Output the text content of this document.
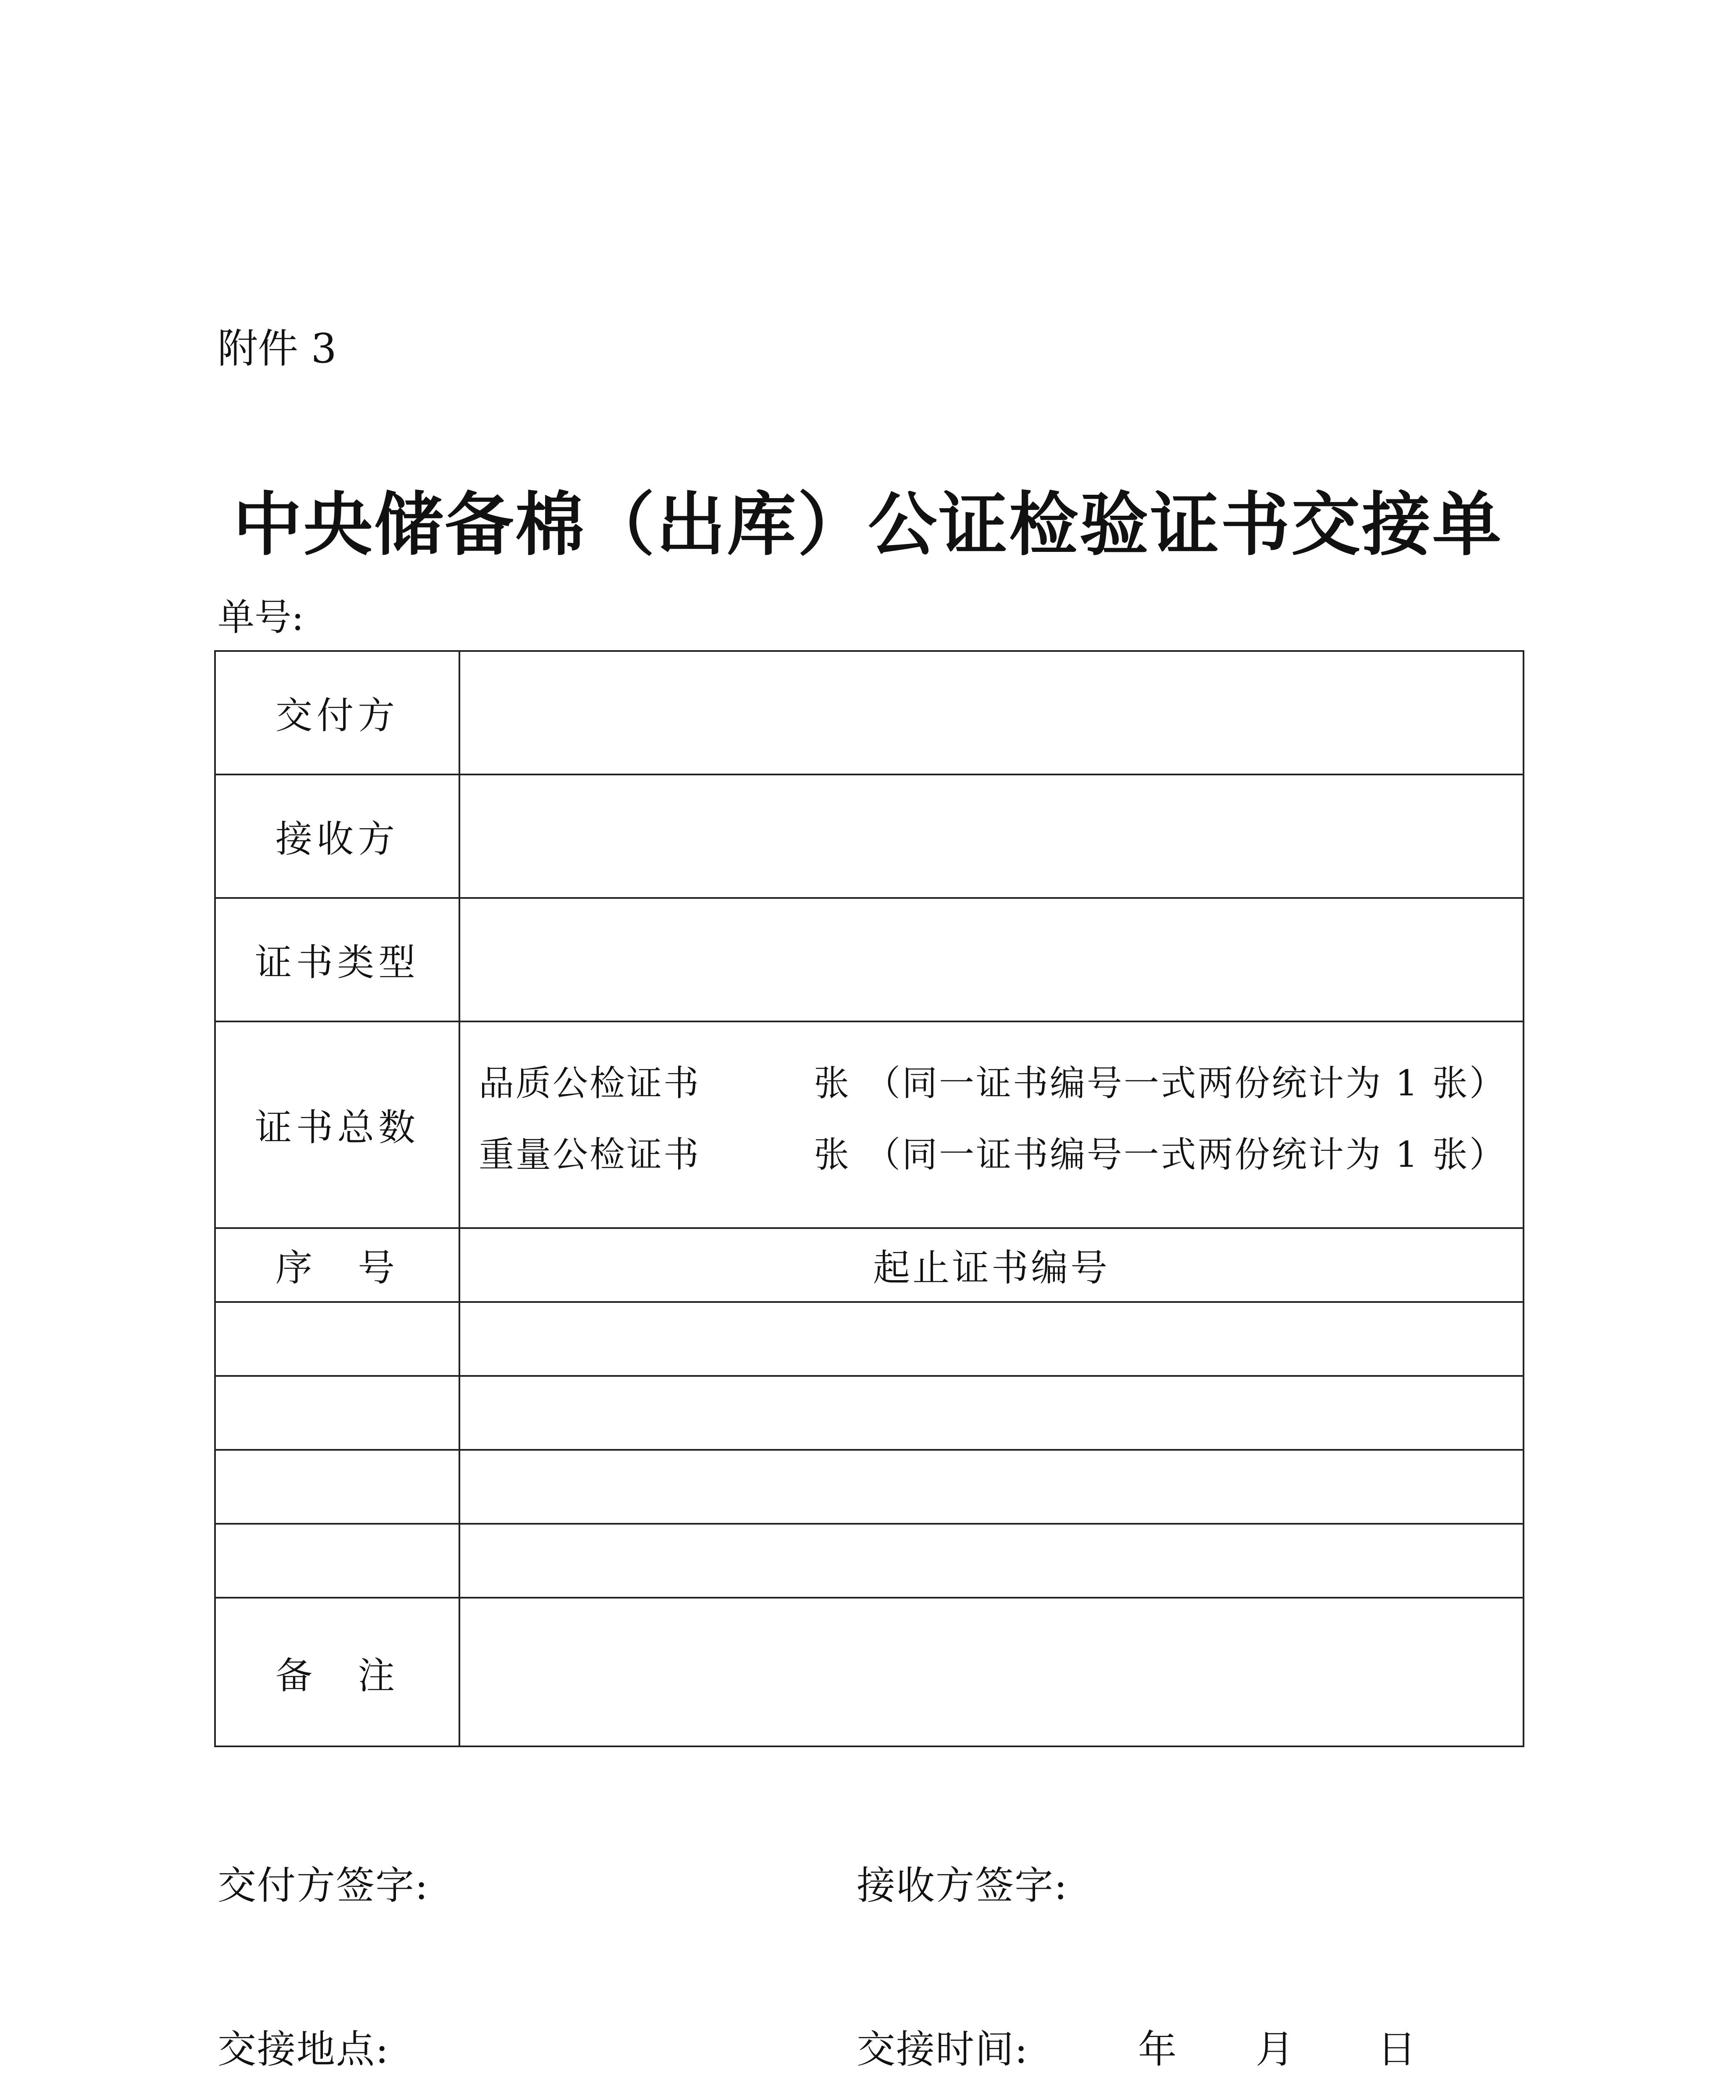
附件 3
中央储备棉（出库）公证检验证书交接单
单号:
交付方
接收方
证书类型
证书总数
品质公检证书	张 （同一证书编号一式两份统计为 1 张）
重量公检证书	张 （同一证书编号一式两份统计为 1 张）
序　号	起止证书编号
备　注
交付方签字:	接收方签字:
交接地点:	交接时间:	年 月 日
